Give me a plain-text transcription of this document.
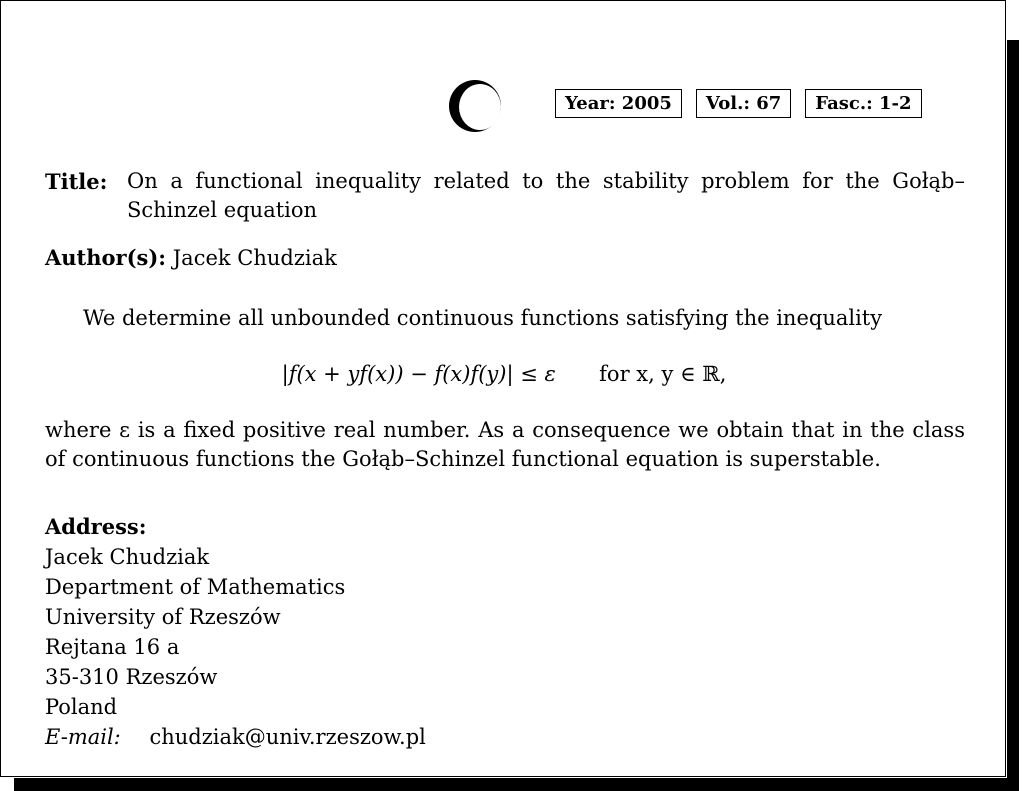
Year: 2005	Vol.: 67	Fasc.: 1-2
Title: On a functional inequality related to the stability problem for the Gołąb–Schinzel equation
Author(s): Jacek Chudziak
We determine all unbounded continuous functions satisfying the inequality
|f(x + yf(x)) − f(x)f(y)| ≤ ε for x, y ∈ ℝ,
where ε is a fixed positive real number. As a consequence we obtain that in the class of continuous functions the Gołąb–Schinzel functional equation is superstable.
Address:
Jacek Chudziak
Department of Mathematics
University of Rzeszów
Rejtana 16 a
35-310 Rzeszów
Poland
E-mail: chudziak@univ.rzeszow.pl
